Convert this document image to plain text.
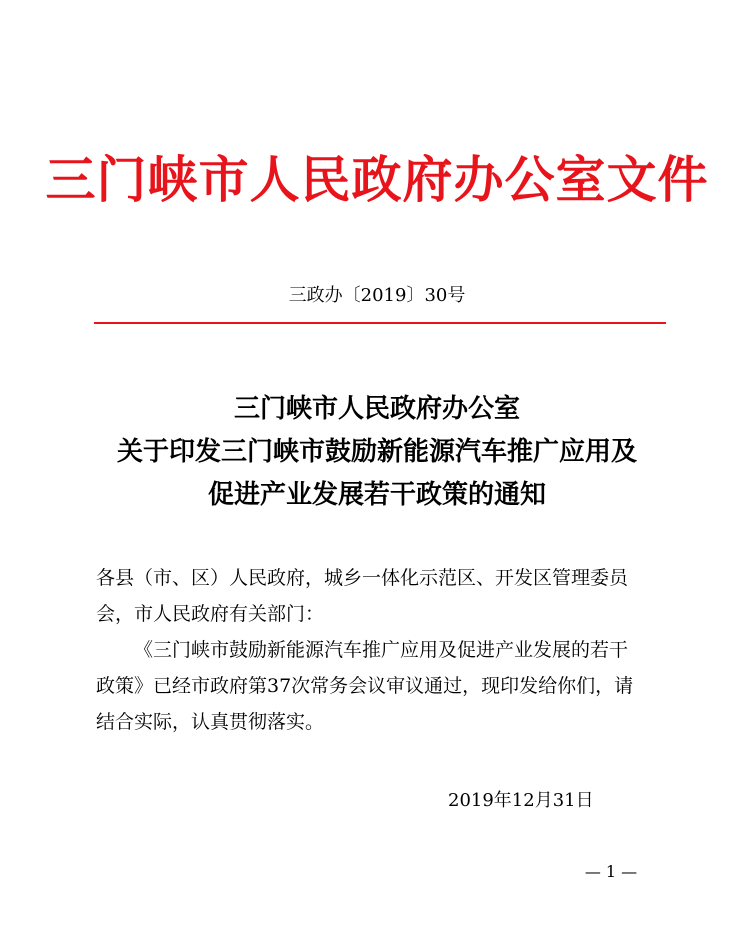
三门峡市人民政府办公室文件
三政办〔2019〕30号
三门峡市人民政府办公室
关于印发三门峡市鼓励新能源汽车推广应用及
促进产业发展若干政策的通知
各县（市、区）人民政府，城乡一体化示范区、开发区管理委员
会，市人民政府有关部门：
《三门峡市鼓励新能源汽车推广应用及促进产业发展的若干
政策》已经市政府第37次常务会议审议通过，现印发给你们，请
结合实际，认真贯彻落实。
2019年12月31日
— 1 —
